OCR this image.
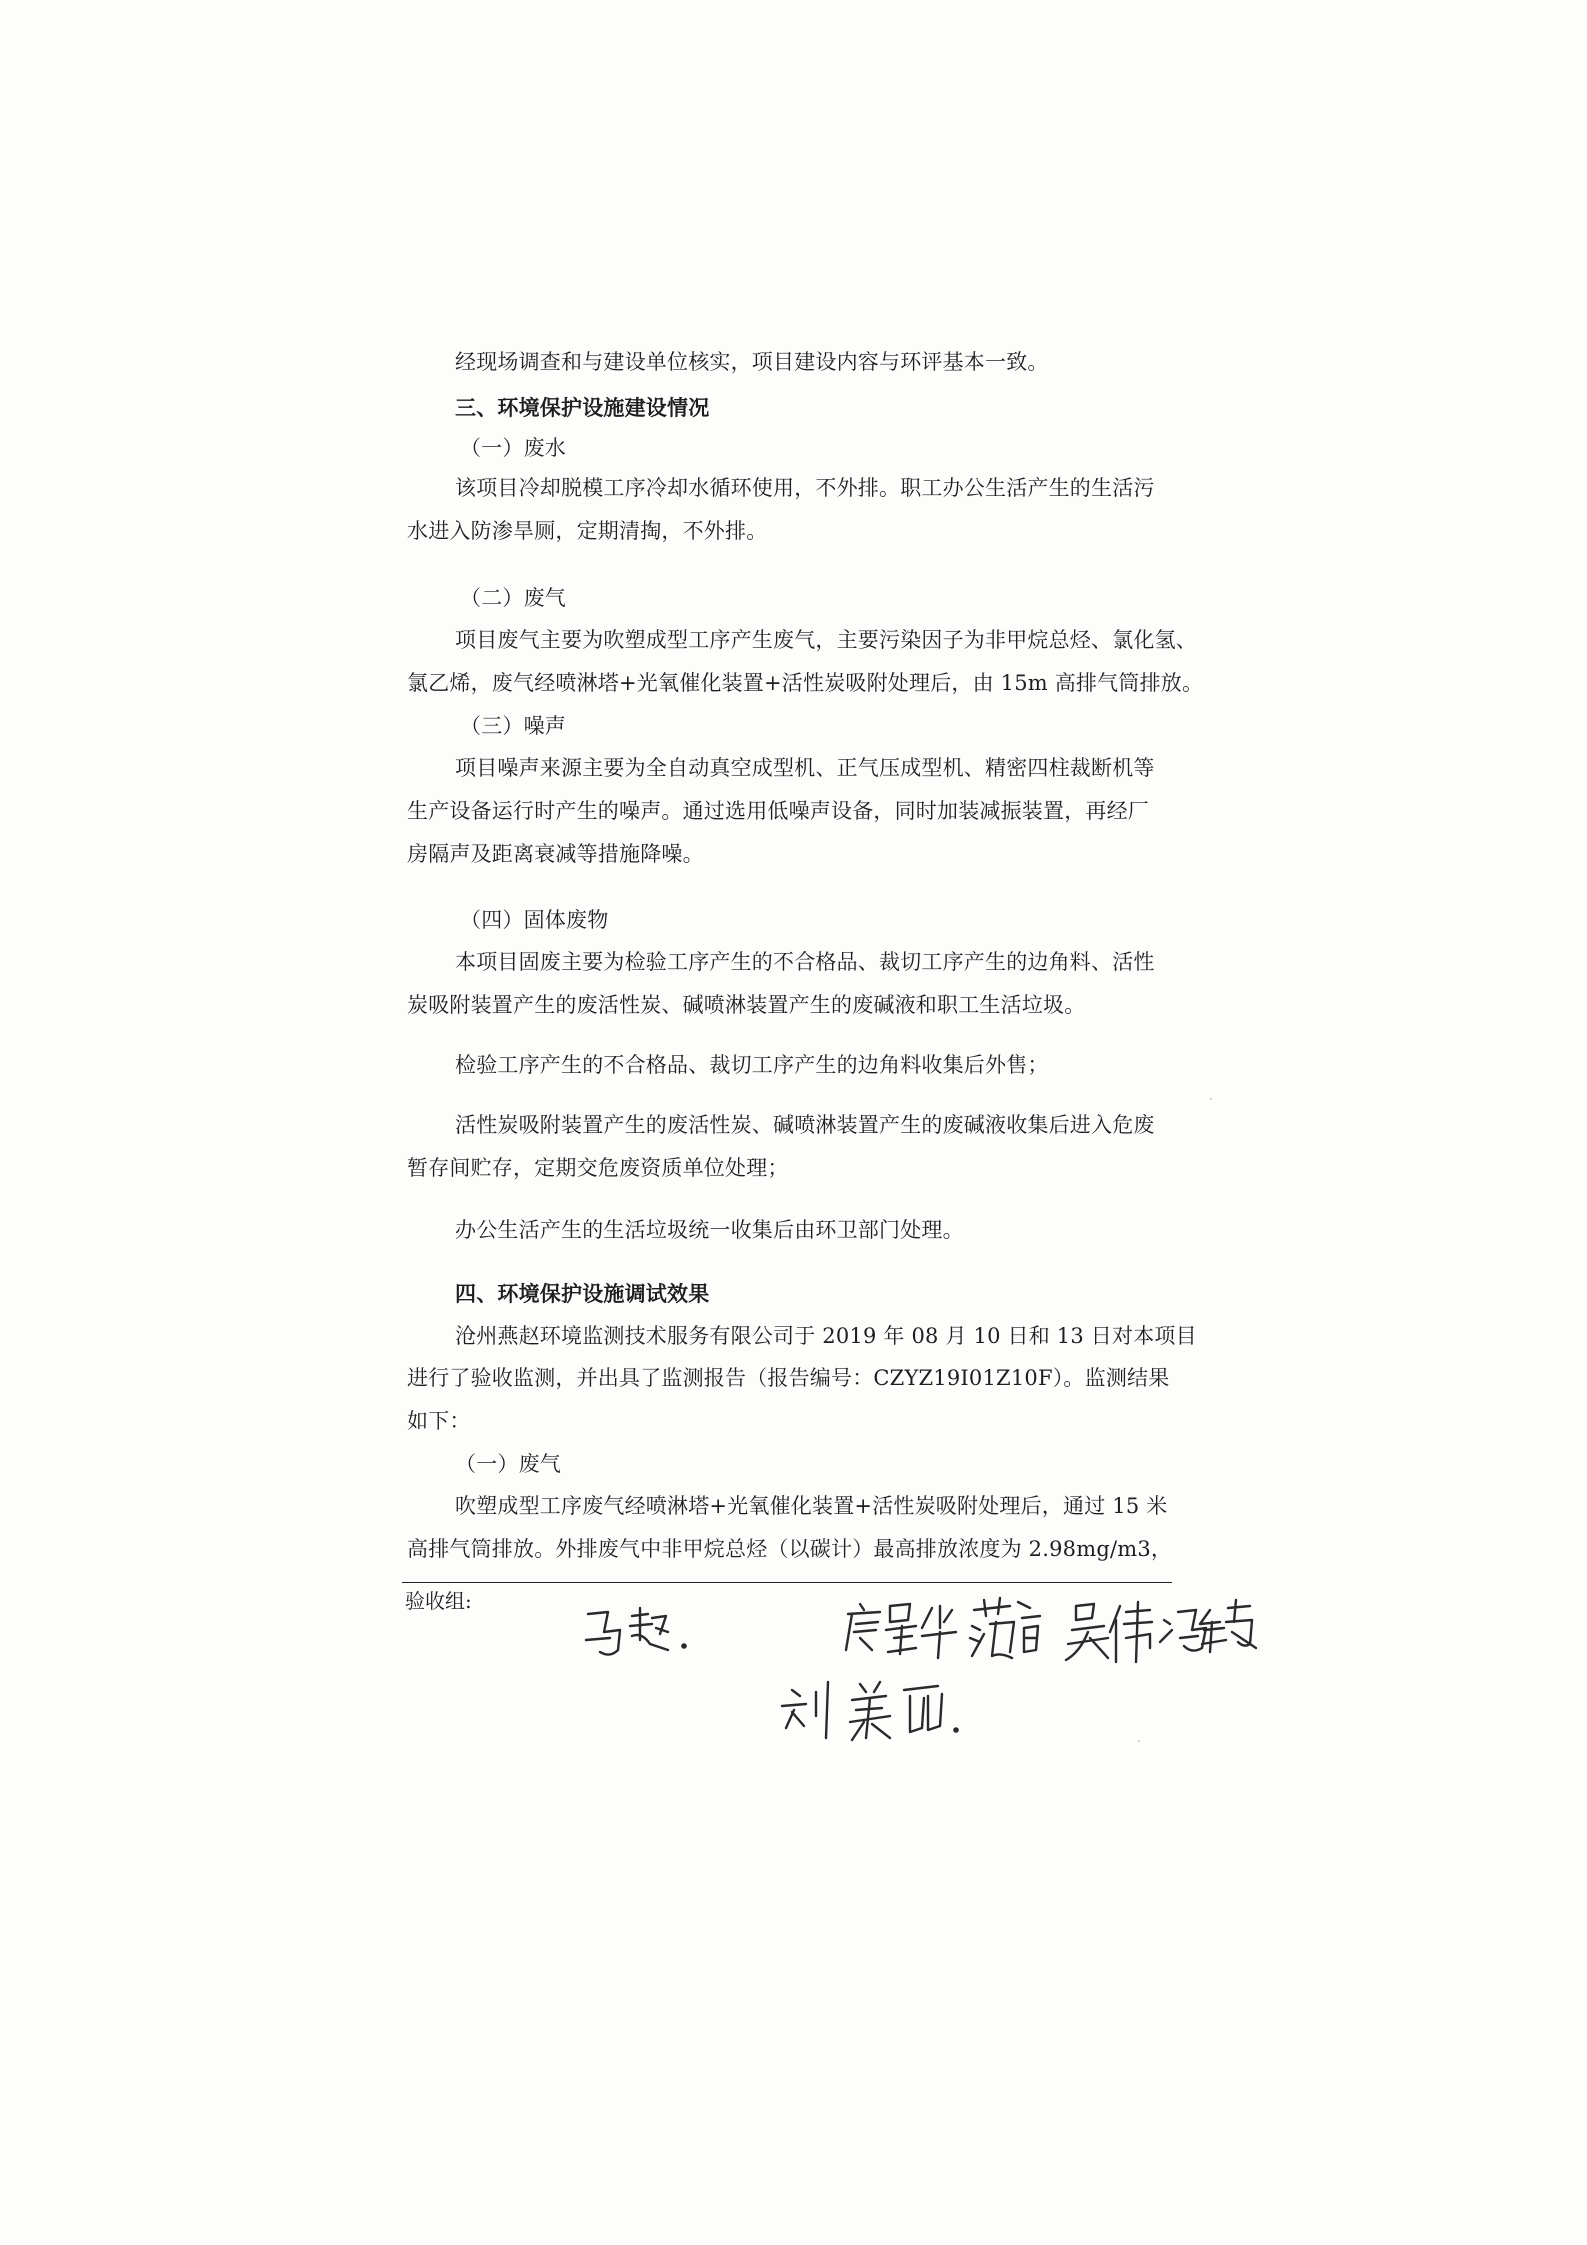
经现场调查和与建设单位核实，项目建设内容与环评基本一致。
三、环境保护设施建设情况
（一）废水
该项目冷却脱模工序冷却水循环使用，不外排。职工办公生活产生的生活污
水进入防渗旱厕，定期清掏，不外排。
（二）废气
项目废气主要为吹塑成型工序产生废气，主要污染因子为非甲烷总烃、氯化氢、
氯乙烯，废气经喷淋塔+光氧催化装置+活性炭吸附处理后，由 15m 高排气筒排放。
（三）噪声
项目噪声来源主要为全自动真空成型机、正气压成型机、精密四柱裁断机等
生产设备运行时产生的噪声。通过选用低噪声设备，同时加装减振装置，再经厂
房隔声及距离衰减等措施降噪。
（四）固体废物
本项目固废主要为检验工序产生的不合格品、裁切工序产生的边角料、活性
炭吸附装置产生的废活性炭、碱喷淋装置产生的废碱液和职工生活垃圾。
检验工序产生的不合格品、裁切工序产生的边角料收集后外售；
活性炭吸附装置产生的废活性炭、碱喷淋装置产生的废碱液收集后进入危废
暂存间贮存，定期交危废资质单位处理；
办公生活产生的生活垃圾统一收集后由环卫部门处理。
四、环境保护设施调试效果
沧州燕赵环境监测技术服务有限公司于 2019 年 08 月 10 日和 13 日对本项目
进行了验收监测，并出具了监测报告（报告编号：CZYZ19I01Z10F）。监测结果
如下：
（一）废气
吹塑成型工序废气经喷淋塔+光氧催化装置+活性炭吸附处理后，通过 15 米
高排气筒排放。外排废气中非甲烷总烃（以碳计）最高排放浓度为 2.98mg/m3，
验收组:
